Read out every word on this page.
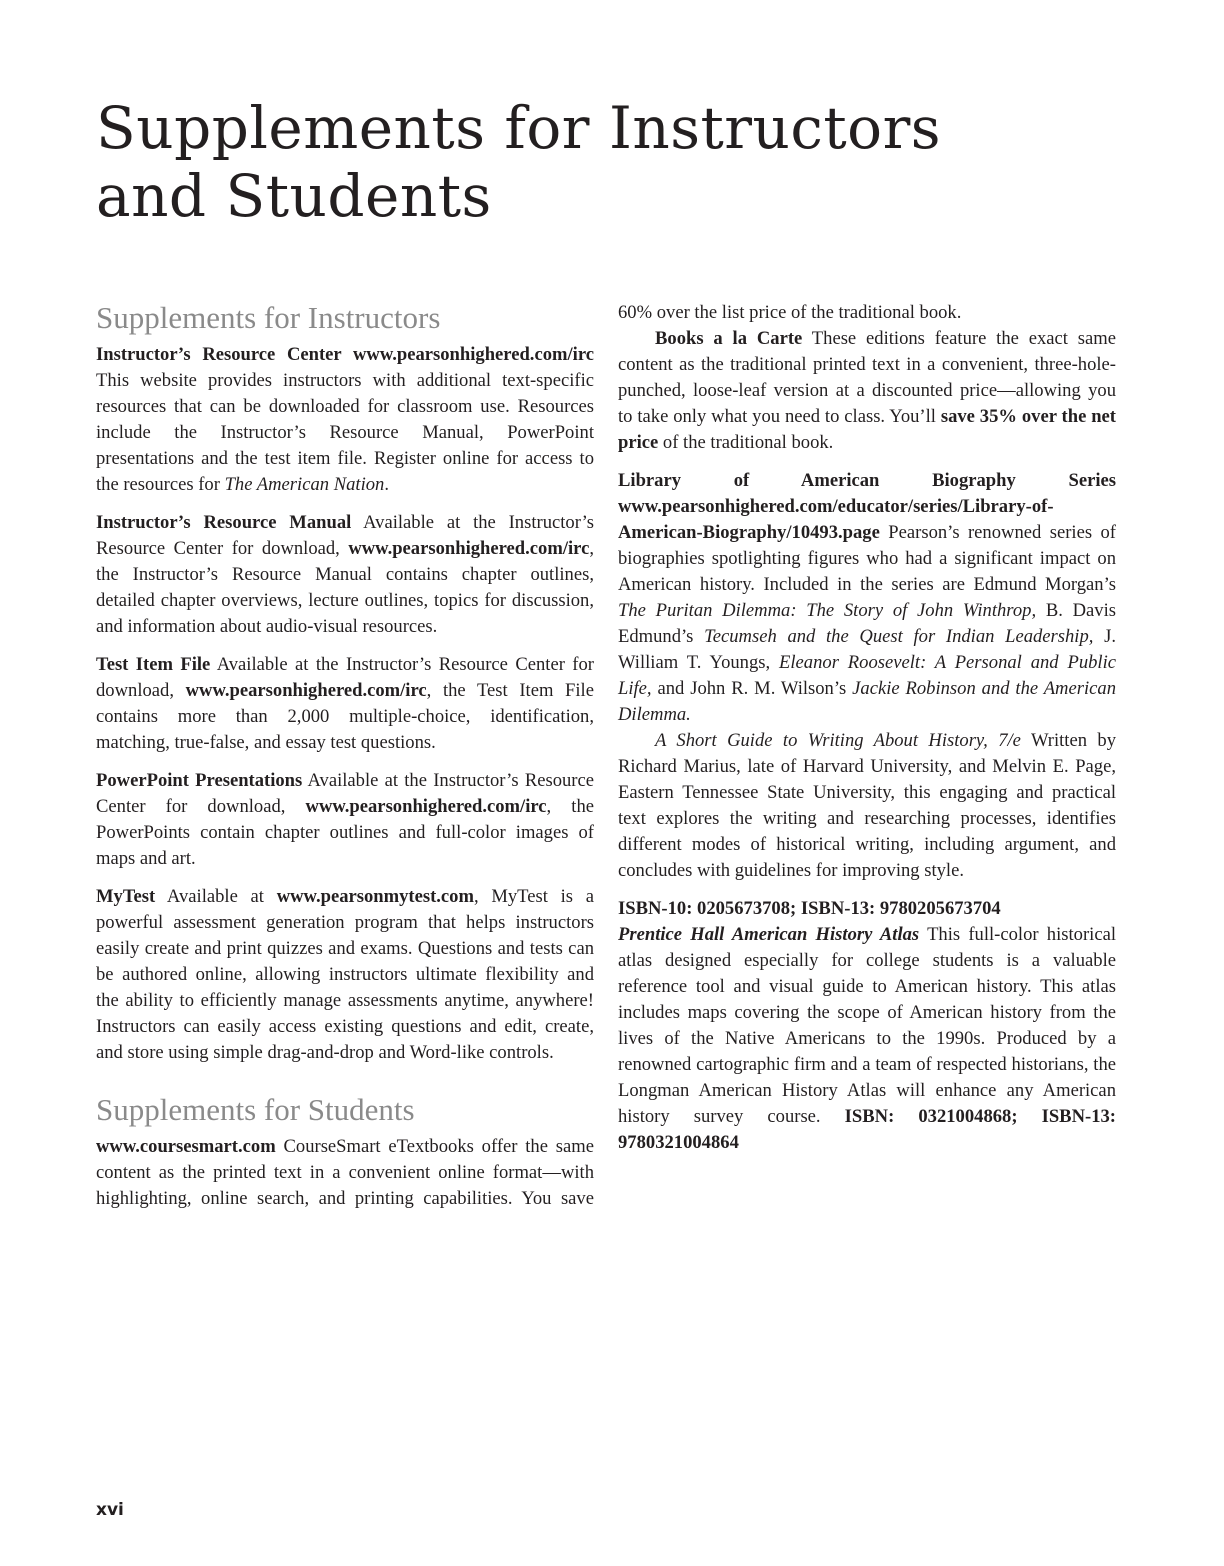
Supplements for Instructors
and Students
Supplements for Instructors

Instructor’s Resource Center www.pearsonhighered.com/irc This website provides instructors with additional text-specific resources that can be downloaded for classroom use. Resources include the Instructor’s Resource Manual, PowerPoint presentations and the test item file. Register online for access to the resources for The American Nation.

Instructor’s Resource Manual Available at the Instructor’s Resource Center for download, www.pearsonhighered.com/irc, the Instructor’s Resource Manual contains chapter outlines, detailed chapter overviews, lecture outlines, topics for discussion, and information about audio-visual resources.

Test Item File Available at the Instructor’s Resource Center for download, www.pearsonhighered.com/irc, the Test Item File contains more than 2,000 multiple-choice, identification, matching, true-false, and essay test questions.

PowerPoint Presentations Available at the Instructor’s Resource Center for download, www.pearsonhighered.com/irc, the PowerPoints contain chapter outlines and full-color images of maps and art.

MyTest Available at www.pearsonmytest.com, MyTest is a powerful assessment generation program that helps instructors easily create and print quizzes and exams. Questions and tests can be authored online, allowing instructors ultimate flexibility and the ability to efficiently manage assessments anytime, anywhere! Instructors can easily access existing questions and edit, create, and store using simple drag-and-drop and Word-like controls.

Supplements for Students

www.coursesmart.com CourseSmart eTextbooks offer the same content as the printed text in a convenient online format—with highlighting, online search, and printing capabilities. You save

60% over the list price of the traditional book.

Books a la Carte These editions feature the exact same content as the traditional printed text in a convenient, three-hole-punched, loose-leaf version at a discounted price—allowing you to take only what you need to class. You’ll save 35% over the net price of the traditional book.

Library of American Biography Series www.pearsonhighered.com/educator/series/Library-of-American-Biography/10493.page Pearson’s renowned series of biographies spotlighting figures who had a significant impact on American history. Included in the series are Edmund Morgan’s The Puritan Dilemma: The Story of John Winthrop, B. Davis Edmund’s Tecumseh and the Quest for Indian Leadership, J. William T. Youngs, Eleanor Roosevelt: A Personal and Public Life, and John R. M. Wilson’s Jackie Robinson and the American Dilemma.

A Short Guide to Writing About History, 7/e Written by Richard Marius, late of Harvard University, and Melvin E. Page, Eastern Tennessee State University, this engaging and practical text explores the writing and researching processes, identifies different modes of historical writing, including argument, and concludes with guidelines for improving style.

ISBN-10: 0205673708; ISBN-13: 9780205673704

Prentice Hall American History Atlas This full-color historical atlas designed especially for college students is a valuable reference tool and visual guide to American history. This atlas includes maps covering the scope of American history from the lives of the Native Americans to the 1990s. Produced by a renowned cartographic firm and a team of respected historians, the Longman American History Atlas will enhance any American history survey course. ISBN: 0321004868; ISBN-13: 9780321004864

xvi
